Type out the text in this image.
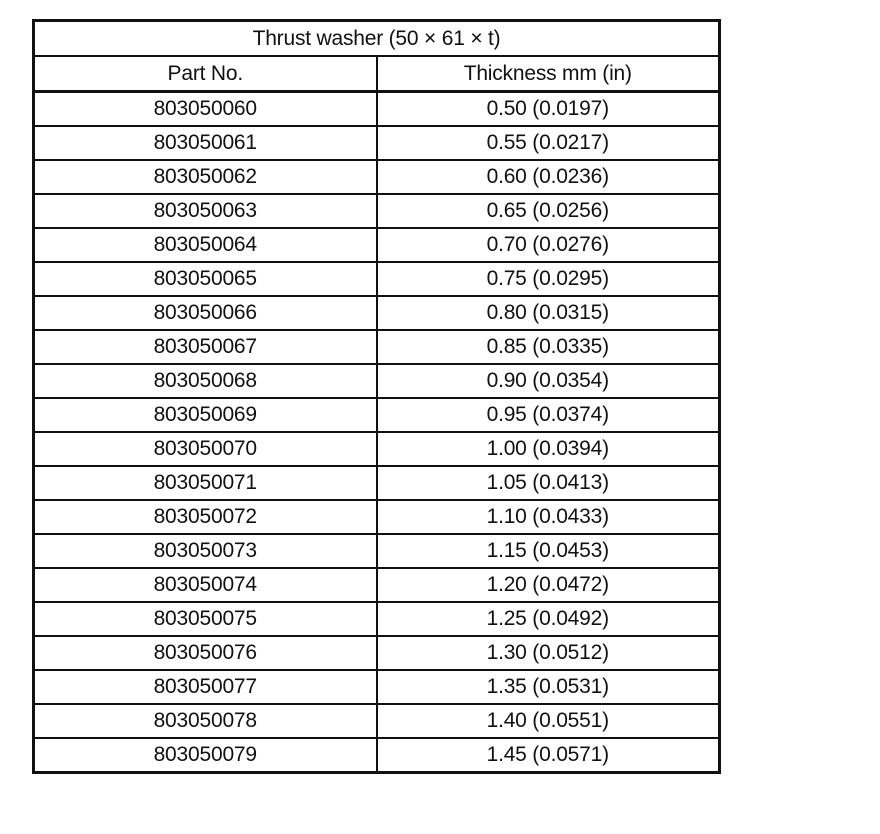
Thrust washer (50 × 61 × t)	
Part No.	Thickness mm (in)
803050060	0.50 (0.0197)
803050061	0.55 (0.0217)
803050062	0.60 (0.0236)
803050063	0.65 (0.0256)
803050064	0.70 (0.0276)
803050065	0.75 (0.0295)
803050066	0.80 (0.0315)
803050067	0.85 (0.0335)
803050068	0.90 (0.0354)
803050069	0.95 (0.0374)
803050070	1.00 (0.0394)
803050071	1.05 (0.0413)
803050072	1.10 (0.0433)
803050073	1.15 (0.0453)
803050074	1.20 (0.0472)
803050075	1.25 (0.0492)
803050076	1.30 (0.0512)
803050077	1.35 (0.0531)
803050078	1.40 (0.0551)
803050079	1.45 (0.0571)
